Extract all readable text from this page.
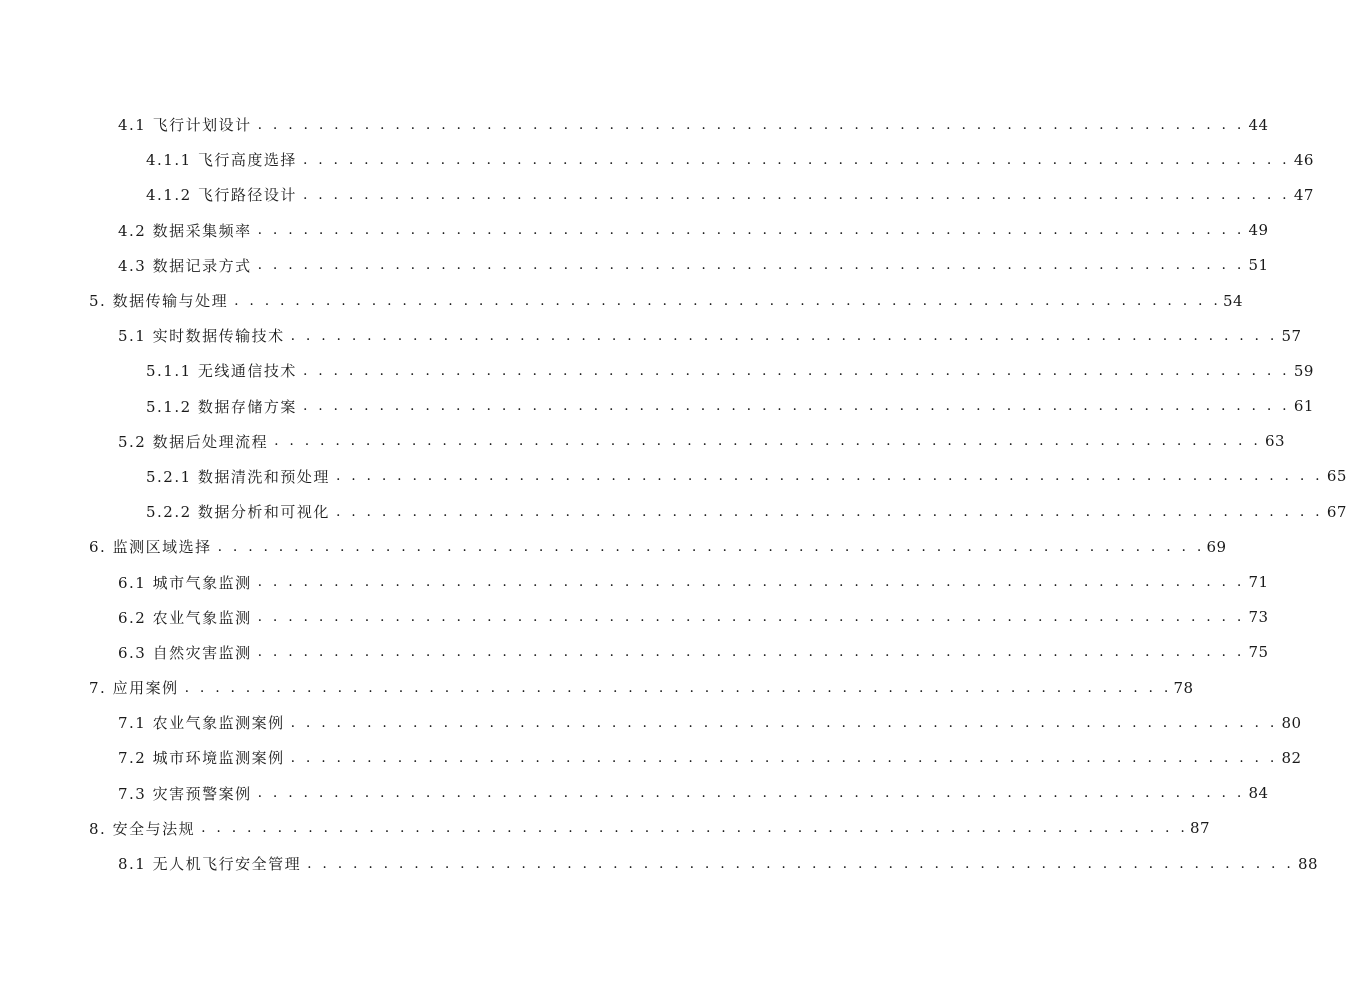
4.1 飞行计划设计 . . . . . . . . . . . . . . . . . . . . . . . . . . . . . . . . . . . . . . . . . . . . . . . . . . . . . . . . . . . . . . . . . 44
4.1.1 飞行高度选择 . . . . . . . . . . . . . . . . . . . . . . . . . . . . . . . . . . . . . . . . . . . . . . . . . . . . . . . . . . . . . . . . . 46
4.1.2 飞行路径设计 . . . . . . . . . . . . . . . . . . . . . . . . . . . . . . . . . . . . . . . . . . . . . . . . . . . . . . . . . . . . . . . . . 47
4.2 数据采集频率 . . . . . . . . . . . . . . . . . . . . . . . . . . . . . . . . . . . . . . . . . . . . . . . . . . . . . . . . . . . . . . . . . 49
4.3 数据记录方式 . . . . . . . . . . . . . . . . . . . . . . . . . . . . . . . . . . . . . . . . . . . . . . . . . . . . . . . . . . . . . . . . . 51
5. 数据传输与处理 . . . . . . . . . . . . . . . . . . . . . . . . . . . . . . . . . . . . . . . . . . . . . . . . . . . . . . . . . . . . . . . . . 54
5.1 实时数据传输技术 . . . . . . . . . . . . . . . . . . . . . . . . . . . . . . . . . . . . . . . . . . . . . . . . . . . . . . . . . . . . . . . . . 57
5.1.1 无线通信技术 . . . . . . . . . . . . . . . . . . . . . . . . . . . . . . . . . . . . . . . . . . . . . . . . . . . . . . . . . . . . . . . . . 59
5.1.2 数据存储方案 . . . . . . . . . . . . . . . . . . . . . . . . . . . . . . . . . . . . . . . . . . . . . . . . . . . . . . . . . . . . . . . . . 61
5.2 数据后处理流程 . . . . . . . . . . . . . . . . . . . . . . . . . . . . . . . . . . . . . . . . . . . . . . . . . . . . . . . . . . . . . . . . . 63
5.2.1 数据清洗和预处理 . . . . . . . . . . . . . . . . . . . . . . . . . . . . . . . . . . . . . . . . . . . . . . . . . . . . . . . . . . . . . . . . . 65
5.2.2 数据分析和可视化 . . . . . . . . . . . . . . . . . . . . . . . . . . . . . . . . . . . . . . . . . . . . . . . . . . . . . . . . . . . . . . . . . 67
6. 监测区域选择 . . . . . . . . . . . . . . . . . . . . . . . . . . . . . . . . . . . . . . . . . . . . . . . . . . . . . . . . . . . . . . . . . 69
6.1 城市气象监测 . . . . . . . . . . . . . . . . . . . . . . . . . . . . . . . . . . . . . . . . . . . . . . . . . . . . . . . . . . . . . . . . . 71
6.2 农业气象监测 . . . . . . . . . . . . . . . . . . . . . . . . . . . . . . . . . . . . . . . . . . . . . . . . . . . . . . . . . . . . . . . . . 73
6.3 自然灾害监测 . . . . . . . . . . . . . . . . . . . . . . . . . . . . . . . . . . . . . . . . . . . . . . . . . . . . . . . . . . . . . . . . . 75
7. 应用案例 . . . . . . . . . . . . . . . . . . . . . . . . . . . . . . . . . . . . . . . . . . . . . . . . . . . . . . . . . . . . . . . . . 78
7.1 农业气象监测案例 . . . . . . . . . . . . . . . . . . . . . . . . . . . . . . . . . . . . . . . . . . . . . . . . . . . . . . . . . . . . . . . . . 80
7.2 城市环境监测案例 . . . . . . . . . . . . . . . . . . . . . . . . . . . . . . . . . . . . . . . . . . . . . . . . . . . . . . . . . . . . . . . . . 82
7.3 灾害预警案例 . . . . . . . . . . . . . . . . . . . . . . . . . . . . . . . . . . . . . . . . . . . . . . . . . . . . . . . . . . . . . . . . . 84
8. 安全与法规 . . . . . . . . . . . . . . . . . . . . . . . . . . . . . . . . . . . . . . . . . . . . . . . . . . . . . . . . . . . . . . . . . 87
8.1 无人机飞行安全管理 . . . . . . . . . . . . . . . . . . . . . . . . . . . . . . . . . . . . . . . . . . . . . . . . . . . . . . . . . . . . . . . . . 88
